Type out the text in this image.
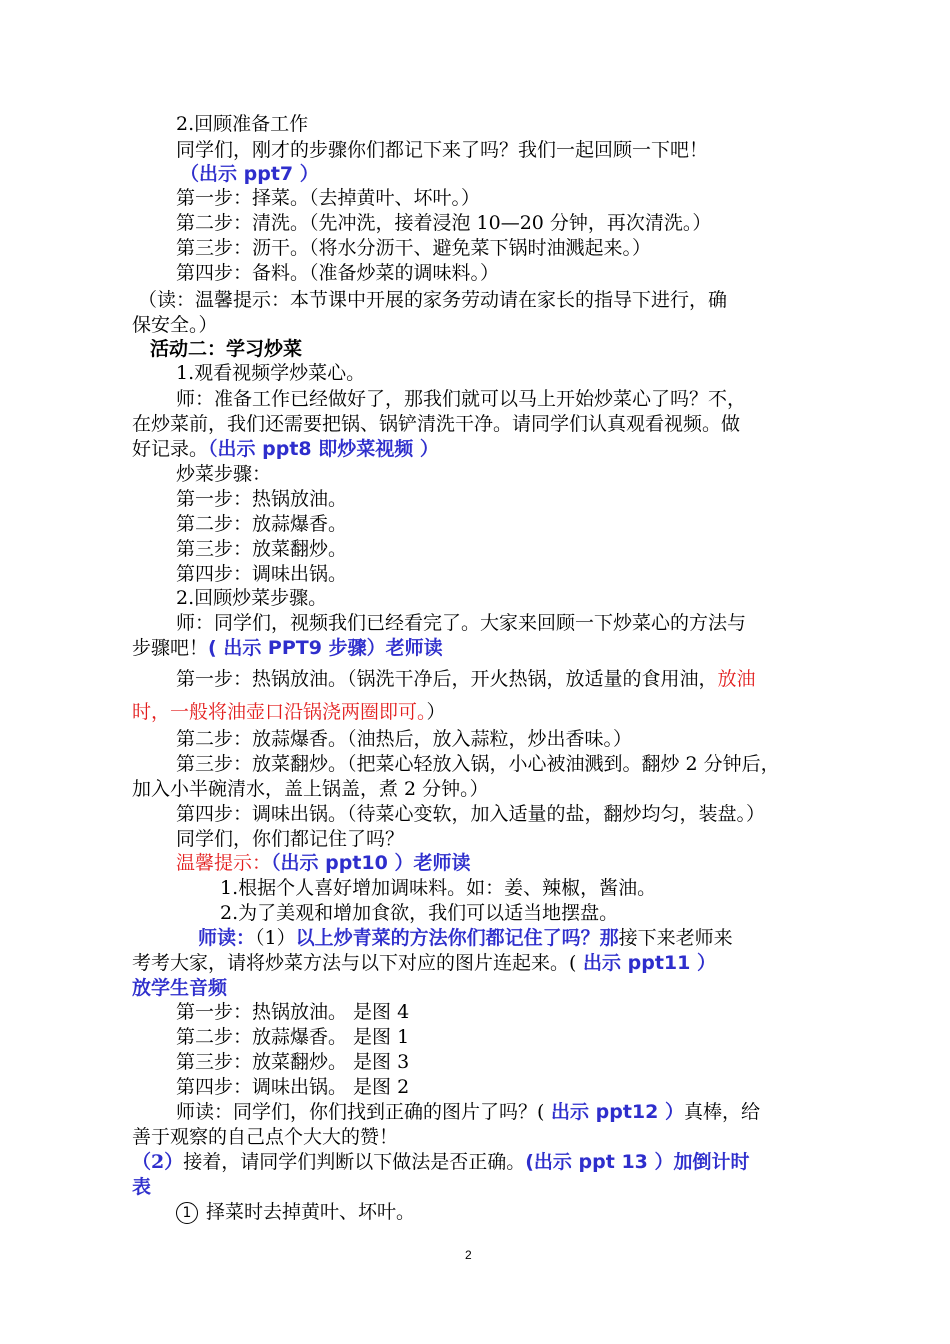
2.回顾准备工作
同学们，刚才的步骤你们都记下来了吗？我们一起回顾一下吧！
（出示 ppt7 ）
第一步：择菜。（去掉黄叶、坏叶。）
第二步：清洗。（先冲洗，接着浸泡 10—20 分钟，再次清洗。）
第三步：沥干。（将水分沥干、避免菜下锅时油溅起来。）
第四步：备料。（准备炒菜的调味料。）
（读：温馨提示：本节课中开展的家务劳动请在家长的指导下进行，确
保安全。）
活动二：学习炒菜
1.观看视频学炒菜心。
师：准备工作已经做好了，那我们就可以马上开始炒菜心了吗？不，
在炒菜前，我们还需要把锅、锅铲清洗干净。请同学们认真观看视频。做
好记录。（出示 ppt8 即炒菜视频 ）
炒菜步骤：
第一步：热锅放油。
第二步：放蒜爆香。
第三步：放菜翻炒。
第四步：调味出锅。
2.回顾炒菜步骤。
师：同学们，视频我们已经看完了。大家来回顾一下炒菜心的方法与
步骤吧！( 出示 PPT9 步骤）老师读
第一步：热锅放油。（锅洗干净后，开火热锅，放适量的食用油，放油
时，一般将油壶口沿锅浇两圈即可。）
第二步：放蒜爆香。（油热后，放入蒜粒，炒出香味。）
第三步：放菜翻炒。（把菜心轻放入锅，小心被油溅到。翻炒 2 分钟后，
加入小半碗清水，盖上锅盖，煮 2 分钟。）
第四步：调味出锅。（待菜心变软，加入适量的盐，翻炒均匀，装盘。）
同学们，你们都记住了吗？
温馨提示：（出示 ppt10 ）老师读
1.根据个人喜好增加调味料。如：姜、辣椒，酱油。
2.为了美观和增加食欲，我们可以适当地摆盘。
师读：（1）以上炒青菜的方法你们都记住了吗？那接下来老师来
考考大家，请将炒菜方法与以下对应的图片连起来。( 出示 ppt11 ）
放学生音频
第一步：热锅放油。 是图 4
第二步：放蒜爆香。 是图 1
第三步：放菜翻炒。 是图 3
第四步：调味出锅。 是图 2
师读：同学们，你们找到正确的图片了吗？( 出示 ppt12 ）真棒，给
善于观察的自己点个大大的赞！
（2）接着，请同学们判断以下做法是否正确。(出示 ppt 13 ）加倒计时
表
1 择菜时去掉黄叶、坏叶。
2
